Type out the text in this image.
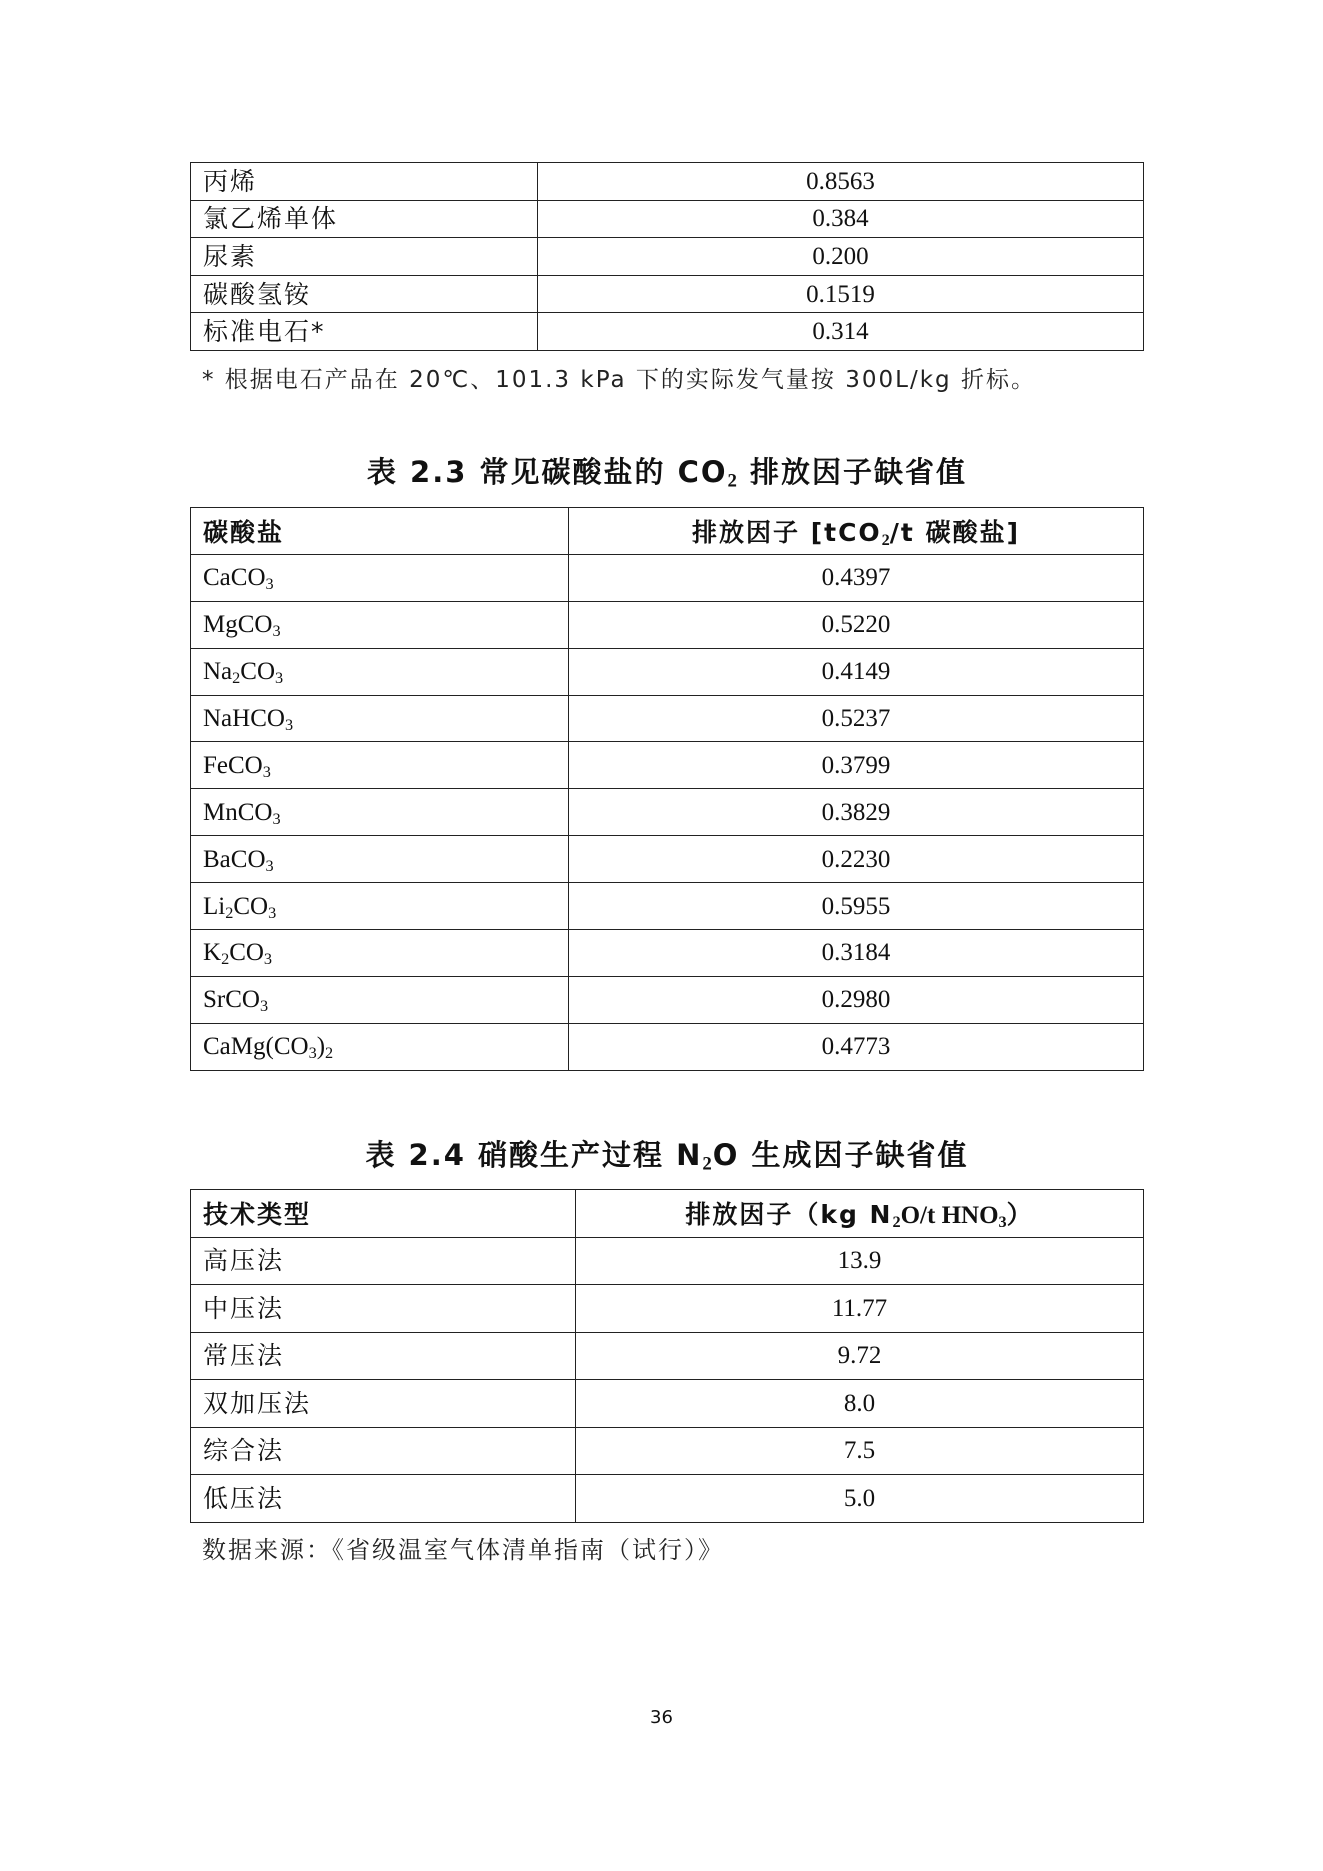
丙烯	0.8563
氯乙烯单体	0.384
尿素	0.200
碳酸氢铵	0.1519
标准电石*	0.314
* 根据电石产品在 20℃、101.3 kPa 下的实际发气量按 300L/kg 折标。
表 2.3 常见碳酸盐的 $CO_2$ 排放因子缺省值
碳酸盐	排放因子 [tCO$_2$/t 碳酸盐]
CaCO$_3$	0.4397
MgCO$_3$	0.5220
$Na_2CO_3$	0.4149
NaHCO$_3$	0.5237
FeCO$_3$	0.3799
MnCO$_3$	0.3829
BaCO$_3$	0.2230
$Li_2CO_3$	0.5955
$K_2CO_3$	0.3184
SrCO$_3$	0.2980
$CaMg(CO_3)_2$	0.4773
表 2.4 硝酸生产过程 $N_2O$ 生成因子缺省值
技术类型	排放因子（kg $N_2O/t$ $HNO_3$）
高压法	13.9
中压法	11.77
常压法	9.72
双加压法	8.0
综合法	7.5
低压法	5.0
数据来源：《省级温室气体清单指南（试行）》
36
